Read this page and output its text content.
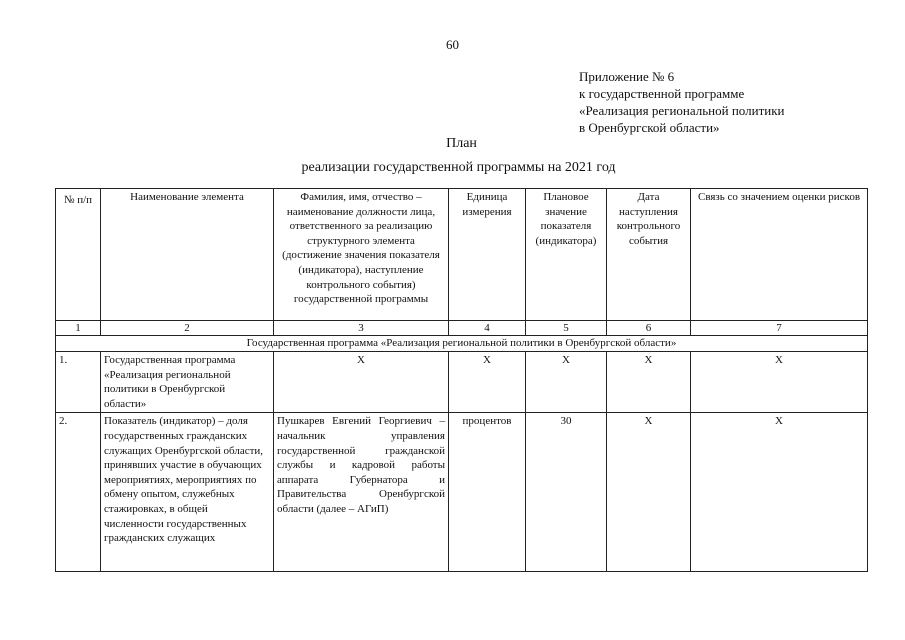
60
Приложение № 6
к государственной программе
«Реализация региональной политики
в Оренбургской области»
План
реализации государственной программы на 2021 год
№ п/п	Наименование элемента	Фамилия, имя, отчество – наименование должности лица, ответственного за реализацию структурного элемента (достижение значения показателя (индикатора), наступление контрольного события) государственной программы	Единица измерения	Плановое значение показателя (индикатора)	Дата наступления контрольного события	Связь со значением оценки рисков
1	2	3	4	5	6	7
Государственная программа «Реализация региональной политики в Оренбургской области»						
1.	Государственная программа «Реализация региональной политики в Оренбургской области»	Х	Х	Х	Х	Х
2.	Показатель (индикатор) – доля государственных гражданских служащих Оренбургской области, принявших участие в обучающих мероприятиях, мероприятиях по обмену опытом, служебных стажировках, в общей численности государственных гражданских служащих	Пушкарев Евгений Георгиевич – начальник управления государственной гражданской службы и кадровой работы аппарата Губернатора и Правительства Оренбургской области (далее – АГиП)	процентов	30	Х	Х
